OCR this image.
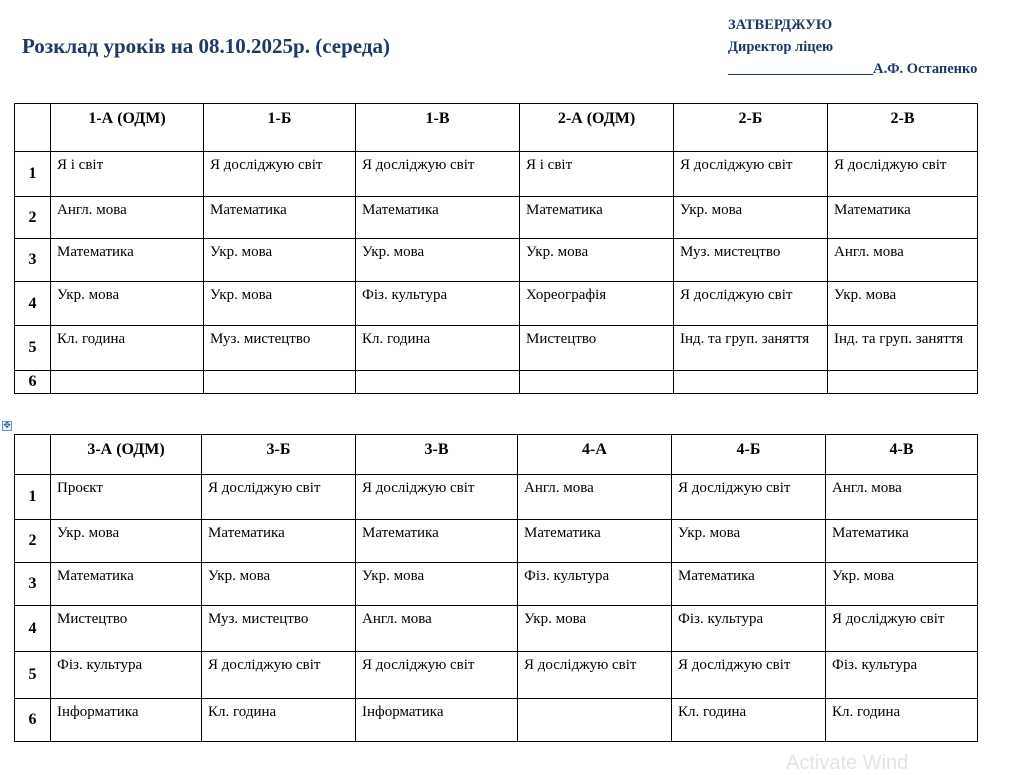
Розклад уроків на 08.10.2025р. (середа)
ЗАТВЕРДЖУЮ
Директор ліцею
____________________А.Ф. Остапенко
	1-А (ОДМ)	1-Б	1-В	2-А (ОДМ)	2-Б	2-В
1	Я і світ	Я досліджую світ	Я досліджую світ	Я і світ	Я досліджую світ	Я досліджую світ
2	Англ. мова	Математика	Математика	Математика	Укр. мова	Математика
3	Математика	Укр. мова	Укр. мова	Укр. мова	Муз. мистецтво	Англ. мова
4	Укр. мова	Укр. мова	Фіз. культура	Хореографія	Я досліджую світ	Укр. мова
5	Кл. година	Муз. мистецтво	Кл. година	Мистецтво	Інд. та груп. заняття	Інд. та груп. заняття
6						
✥
	3-А (ОДМ)	3-Б	3-В	4-А	4-Б	4-В
1	Проєкт	Я досліджую світ	Я досліджую світ	Англ. мова	Я досліджую світ	Англ. мова
2	Укр. мова	Математика	Математика	Математика	Укр. мова	Математика
3	Математика	Укр. мова	Укр. мова	Фіз. культура	Математика	Укр. мова
4	Мистецтво	Муз. мистецтво	Англ. мова	Укр. мова	Фіз. культура	Я досліджую світ
5	Фіз. культура	Я досліджую світ	Я досліджую світ	Я досліджую світ	Я досліджую світ	Фіз. культура
6	Інформатика	Кл. година	Інформатика		Кл. година	Кл. година
Activate Wind
